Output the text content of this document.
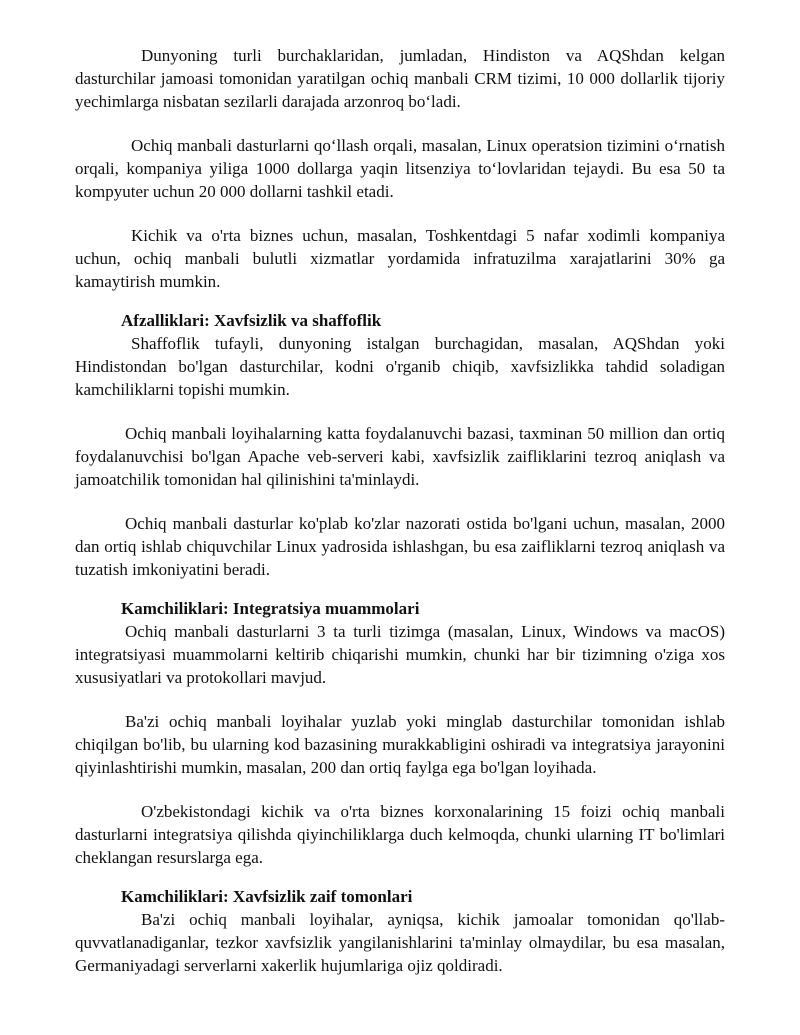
Dunyoning turli burchaklaridan, jumladan, Hindiston va AQShdan kelgan dasturchilar jamoasi tomonidan yaratilgan ochiq manbali CRM tizimi, 10 000 dollarlik tijoriy yechimlarga nisbatan sezilarli darajada arzonroq boʻladi.

Ochiq manbali dasturlarni qoʻllash orqali, masalan, Linux operatsion tizimini oʻrnatish orqali, kompaniya yiliga 1000 dollarga yaqin litsenziya toʻlovlaridan tejaydi. Bu esa 50 ta kompyuter uchun 20 000 dollarni tashkil etadi.

Kichik va o'rta biznes uchun, masalan, Toshkentdagi 5 nafar xodimli kompaniya uchun, ochiq manbali bulutli xizmatlar yordamida infratuzilma xarajatlarini 30% ga kamaytirish mumkin.

Afzalliklari: Xavfsizlik va shaffoflik

Shaffoflik tufayli, dunyoning istalgan burchagidan, masalan, AQShdan yoki Hindistondan bo'lgan dasturchilar, kodni o'rganib chiqib, xavfsizlikka tahdid soladigan kamchiliklarni topishi mumkin.

Ochiq manbali loyihalarning katta foydalanuvchi bazasi, taxminan 50 million dan ortiq foydalanuvchisi bo'lgan Apache veb-serveri kabi, xavfsizlik zaifliklarini tezroq aniqlash va jamoatchilik tomonidan hal qilinishini ta'minlaydi.

Ochiq manbali dasturlar ko'plab ko'zlar nazorati ostida bo'lgani uchun, masalan, 2000 dan ortiq ishlab chiquvchilar Linux yadrosida ishlashgan, bu esa zaifliklarni tezroq aniqlash va tuzatish imkoniyatini beradi.

Kamchiliklari: Integratsiya muammolari

Ochiq manbali dasturlarni 3 ta turli tizimga (masalan, Linux, Windows va macOS) integratsiyasi muammolarni keltirib chiqarishi mumkin, chunki har bir tizimning o'ziga xos xususiyatlari va protokollari mavjud.

Ba'zi ochiq manbali loyihalar yuzlab yoki minglab dasturchilar tomonidan ishlab chiqilgan bo'lib, bu ularning kod bazasining murakkabligini oshiradi va integratsiya jarayonini qiyinlashtirishi mumkin, masalan, 200 dan ortiq faylga ega bo'lgan loyihada.

O'zbekistondagi kichik va o'rta biznes korxonalarining 15 foizi ochiq manbali dasturlarni integratsiya qilishda qiyinchiliklarga duch kelmoqda, chunki ularning IT bo'limlari cheklangan resurslarga ega.

Kamchiliklari: Xavfsizlik zaif tomonlari

Ba'zi ochiq manbali loyihalar, ayniqsa, kichik jamoalar tomonidan qo'llab-quvvatlanadiganlar, tezkor xavfsizlik yangilanishlarini ta'minlay olmaydilar, bu esa masalan, Germaniyadagi serverlarni xakerlik hujumlariga ojiz qoldiradi.
